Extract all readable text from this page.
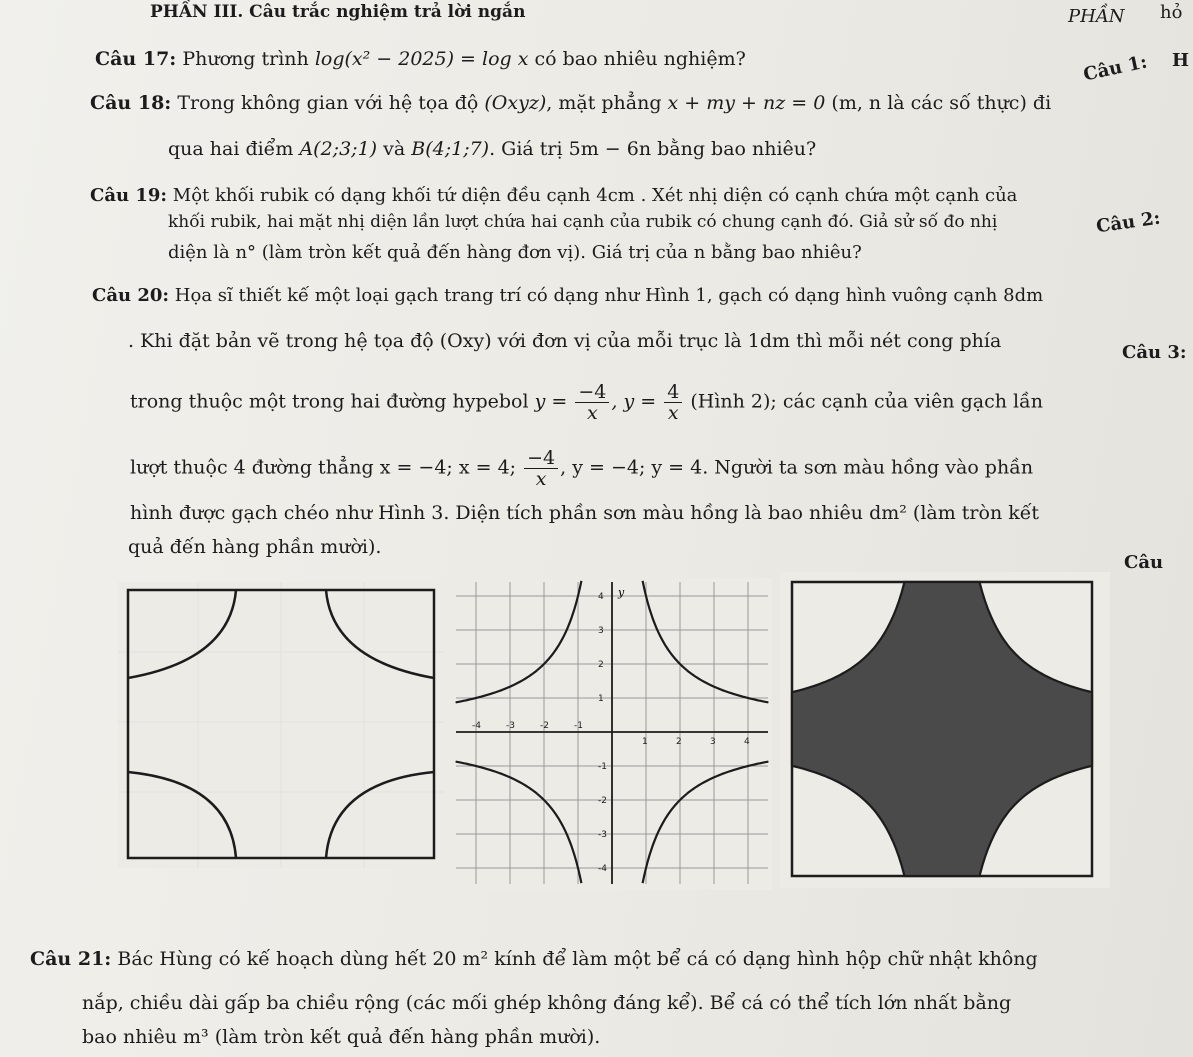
PHẦN III. Câu trắc nghiệm trả lời ngắn	PHẦN hỏ
Câu 17: Phương trình log(x² − 2025) = log x có bao nhiêu nghiệm?
Câu 18: Trong không gian với hệ tọa độ (Oxyz), mặt phẳng x + my + nz = 0 (m, n là các số thực) đi
qua hai điểm A(2;3;1) và B(4;1;7). Giá trị 5m − 6n bằng bao nhiêu?
Câu 19: Một khối rubik có dạng khối tứ diện đều cạnh 4cm . Xét nhị diện có cạnh chứa một cạnh của
khối rubik, hai mặt nhị diện lần lượt chứa hai cạnh của rubik có chung cạnh đó. Giả sử số đo nhị
diện là n° (làm tròn kết quả đến hàng đơn vị). Giá trị của n bằng bao nhiêu?
Câu 20: Họa sĩ thiết kế một loại gạch trang trí có dạng như Hình 1, gạch có dạng hình vuông cạnh 8dm
. Khi đặt bản vẽ trong hệ tọa độ (Oxy) với đơn vị của mỗi trục là 1dm thì mỗi nét cong phía
trong thuộc một trong hai đường hypebol $y = \frac{-4}{x}$ , $y = \frac{4}{x}$ (Hình 2); các cạnh của viên gạch lần
lượt thuộc 4 đường thẳng x = −4; x = 4; $\frac{-4}{x}$ , y = −4; y = 4. Người ta sơn màu hồng vào phần
hình được gạch chéo như Hình 3. Diện tích phần sơn màu hồng là bao nhiêu dm² (làm tròn kết
quả đến hàng phần mười).
Câu 1: H
Câu 2:
Câu 3:
Câu
y
-4	-3	-2	-1
1	2	3	4
4
3
2
1
-1
-2
-3
-4
Câu 21: Bác Hùng có kế hoạch dùng hết 20 m² kính để làm một bể cá có dạng hình hộp chữ nhật không
nắp, chiều dài gấp ba chiều rộng (các mối ghép không đáng kể). Bể cá có thể tích lớn nhất bằng
bao nhiêu m³ (làm tròn kết quả đến hàng phần mười).
